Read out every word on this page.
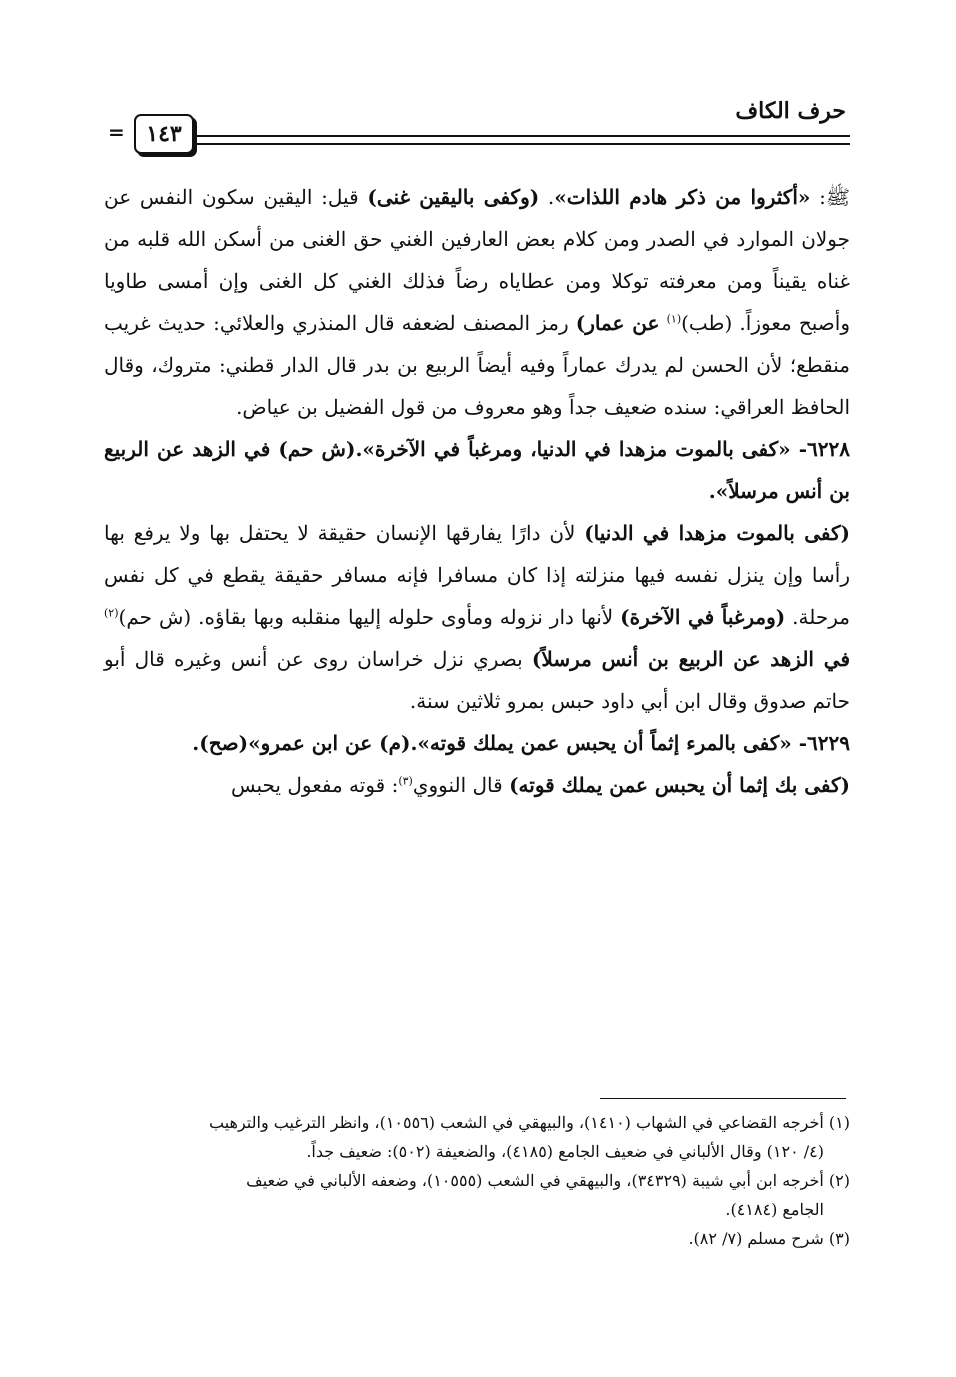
حرف الكاف
١٤٣
=

ﷺ: «أكثروا من ذكر هادم اللذات». (وكفى باليقين غنى) قيل: اليقين سكون النفس عن جولان الموارد في الصدر ومن كلام بعض العارفين الغني حق الغنى من أسكن الله قلبه من غناه يقيناً ومن معرفته توكلا ومن عطاياه رضاً فذلك الغني كل الغنى وإن أمسى طاويا وأصبح معوزاً. (طب)$^{(١)}$ عن عمار) رمز المصنف لضعفه قال المنذري والعلائي: حديث غريب منقطع؛ لأن الحسن لم يدرك عماراً وفيه أيضاً الربيع بن بدر قال الدار قطني: متروك، وقال الحافظ العراقي: سنده ضعيف جداً وهو معروف من قول الفضيل بن عياض.

٦٢٢٨- «كفى بالموت مزهدا في الدنيا، ومرغباً في الآخرة».(ش حم) في الزهد عن الربيع بن أنس مرسلاً».

(كفى بالموت مزهدا في الدنيا) لأن دارًا يفارقها الإنسان حقيقة لا يحتفل بها ولا يرفع بها رأسا وإن ينزل نفسه فيها منزلته إذا كان مسافرا فإنه مسافر حقيقة يقطع في كل نفس مرحلة. (ومرغباً في الآخرة) لأنها دار نزوله ومأوى حلوله إليها منقلبه وبها بقاؤه. (ش حم)$^{(٢)}$ في الزهد عن الربيع بن أنس مرسلاً) بصري نزل خراسان روى عن أنس وغيره قال أبو حاتم صدوق وقال ابن أبي داود حبس بمرو ثلاثين سنة.

٦٢٢٩- «كفى بالمرء إثماً أن يحبس عمن يملك قوته».(م) عن ابن عمرو»(صح).

(كفى بك إثما أن يحبس عمن يملك قوته) قال النووي$^{(٣)}$: قوته مفعول يحبس

(١) أخرجه القضاعي في الشهاب (١٤١٠)، والبيهقي في الشعب (١٠٥٥٦)، وانظر الترغيب والترهيب

(٤/ ١٢٠) وقال الألباني في ضعيف الجامع (٤١٨٥)، والضعيفة (٥٠٢): ضعيف جداً.

(٢) أخرجه ابن أبي شيبة (٣٤٣٢٩)، والبيهقي في الشعب (١٠٥٥٥)، وضعفه الألباني في ضعيف

الجامع (٤١٨٤).

(٣) شرح مسلم (٧/ ٨٢).
